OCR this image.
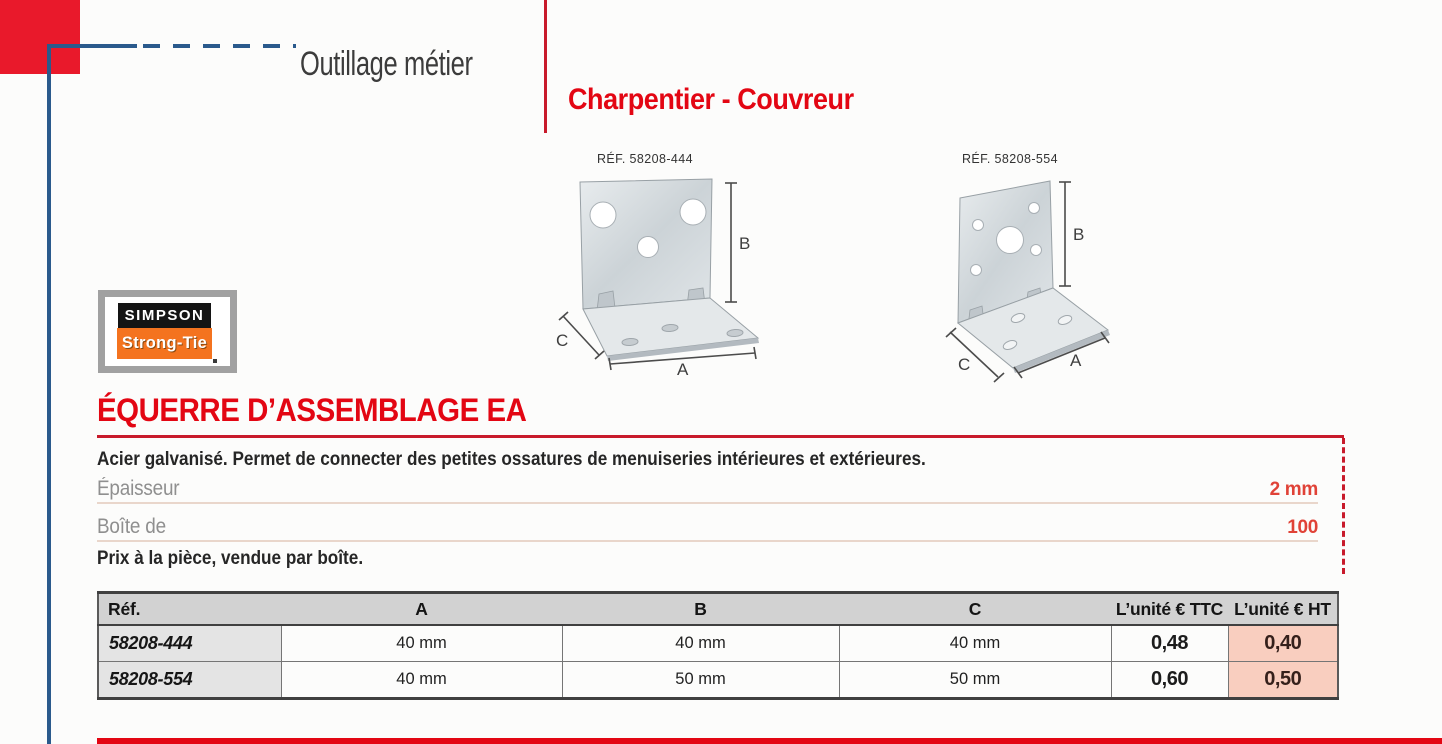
Outillage métier
Charpentier - Couvreur
RÉF. 58208-444
B
A
C
RÉF. 58208-554
B
A
C
SIMPSON
Strong-Tie
ÉQUERRE D’ASSEMBLAGE EA
Acier galvanisé. Permet de connecter des petites ossatures de menuiseries intérieures et extérieures.
Épaisseur	2 mm
Boîte de	100
Prix à la pièce, vendue par boîte.
Réf.	A	B	C	L’unité € TTC	L’unité € HT
58208-444	40 mm	40 mm	40 mm	0,48	0,40
58208-554	40 mm	50 mm	50 mm	0,60	0,50
